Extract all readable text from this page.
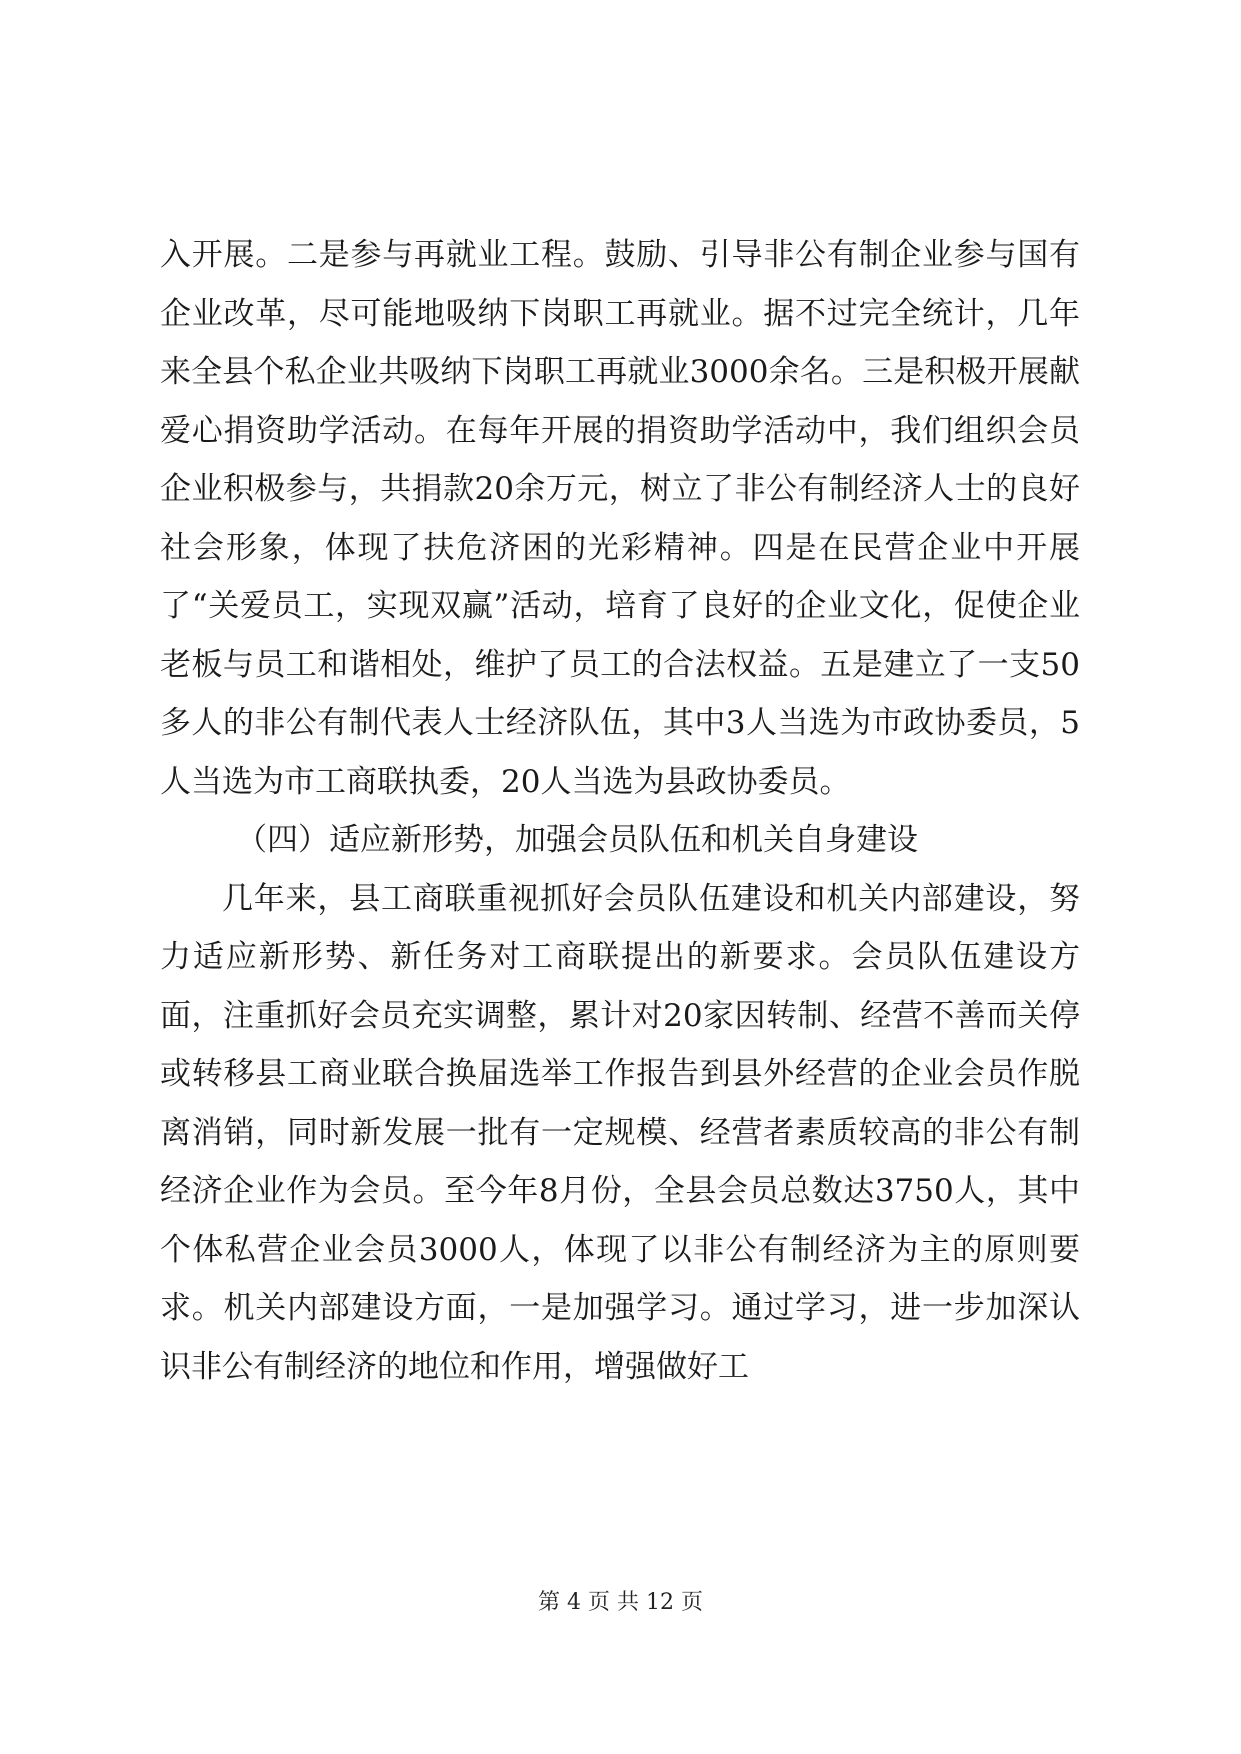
入开展。二是参与再就业工程。鼓励、引导非公有制企业参与国有企业改革，尽可能地吸纳下岗职工再就业。据不过完全统计，几年来全县个私企业共吸纳下岗职工再就业3000余名。三是积极开展献爱心捐资助学活动。在每年开展的捐资助学活动中，我们组织会员企业积极参与，共捐款20余万元，树立了非公有制经济人士的良好社会形象，体现了扶危济困的光彩精神。四是在民营企业中开展了“关爱员工，实现双赢”活动，培育了良好的企业文化，促使企业老板与员工和谐相处，维护了员工的合法权益。五是建立了一支50多人的非公有制代表人士经济队伍，其中3人当选为市政协委员，5人当选为市工商联执委，20人当选为县政协委员。

（四）适应新形势，加强会员队伍和机关自身建设

几年来，县工商联重视抓好会员队伍建设和机关内部建设，努力适应新形势、新任务对工商联提出的新要求。会员队伍建设方面，注重抓好会员充实调整，累计对20家因转制、经营不善而关停或转移县工商业联合换届选举工作报告到县外经营的企业会员作脱离消销，同时新发展一批有一定规模、经营者素质较高的非公有制经济企业作为会员。至今年8月份，全县会员总数达3750人，其中个体私营企业会员3000人，体现了以非公有制经济为主的原则要求。机关内部建设方面，一是加强学习。通过学习，进一步加深认识非公有制经济的地位和作用，增强做好工

第 4 页 共 12 页
